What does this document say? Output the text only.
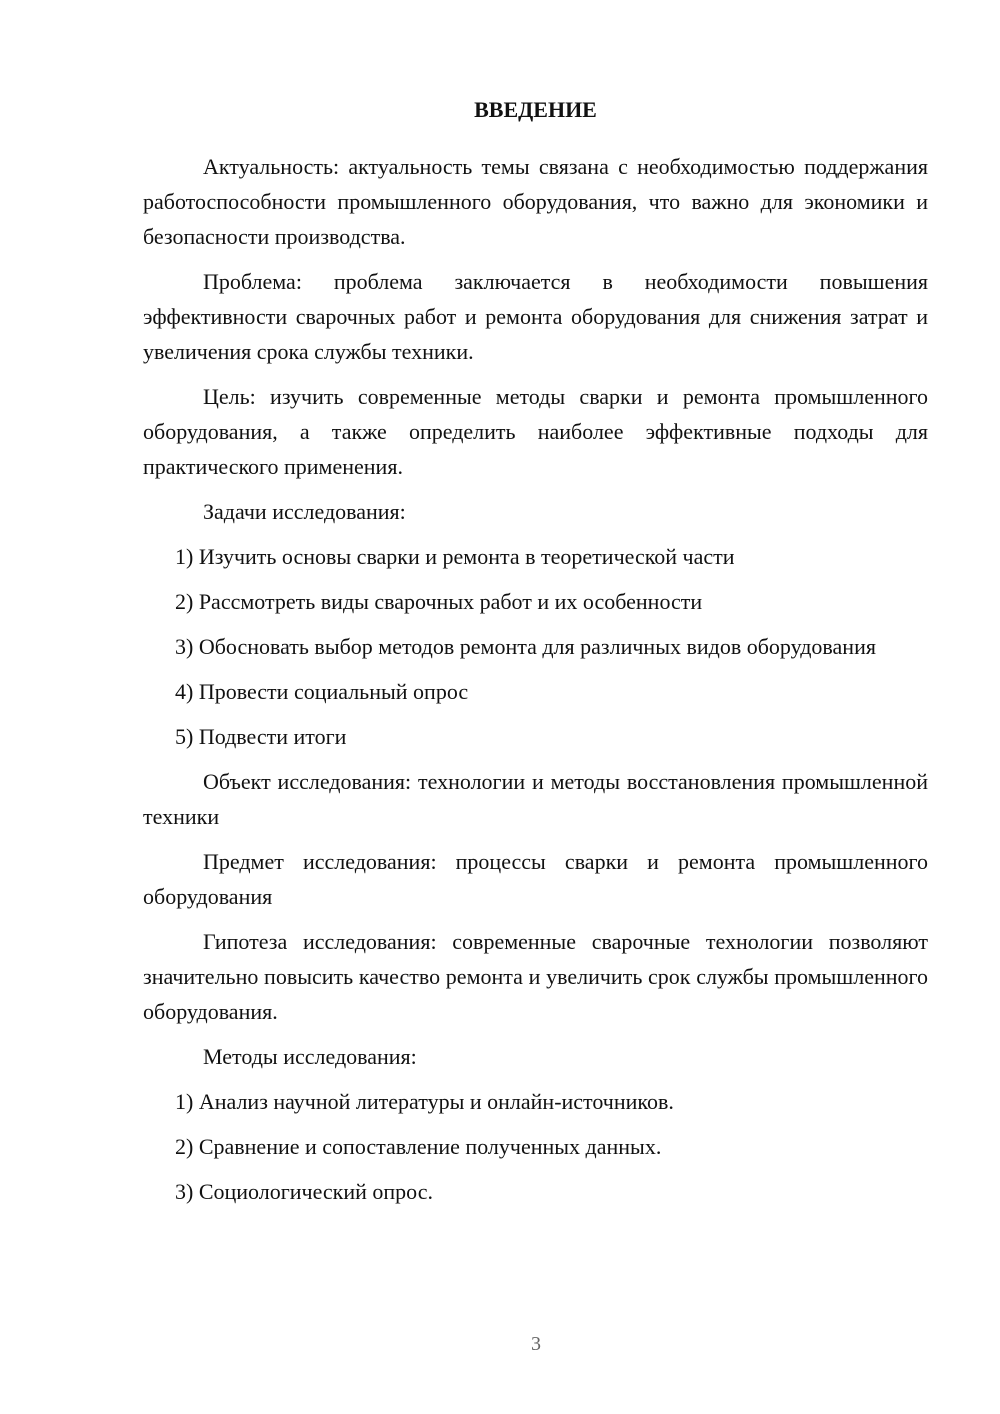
ВВЕДЕНИЕ
Актуальность: актуальность темы связана с необходимостью поддержания работоспособности промышленного оборудования, что важно для экономики и безопасности производства.
Проблема: проблема заключается в необходимости повышения эффективности сварочных работ и ремонта оборудования для снижения затрат и увеличения срока службы техники.
Цель: изучить современные методы сварки и ремонта промышленного оборудования, а также определить наиболее эффективные подходы для практического применения.
Задачи исследования:
1) Изучить основы сварки и ремонта в теоретической части
2) Рассмотреть виды сварочных работ и их особенности
3) Обосновать выбор методов ремонта для различных видов оборудования
4) Провести социальный опрос
5) Подвести итоги
Объект исследования: технологии и методы восстановления промышленной техники
Предмет исследования: процессы сварки и ремонта промышленного оборудования
Гипотеза исследования: современные сварочные технологии позволяют значительно повысить качество ремонта и увеличить срок службы промышленного оборудования.
Методы исследования:
1) Анализ научной литературы и онлайн-источников.
2) Сравнение и сопоставление полученных данных.
3) Социологический опрос.
3
